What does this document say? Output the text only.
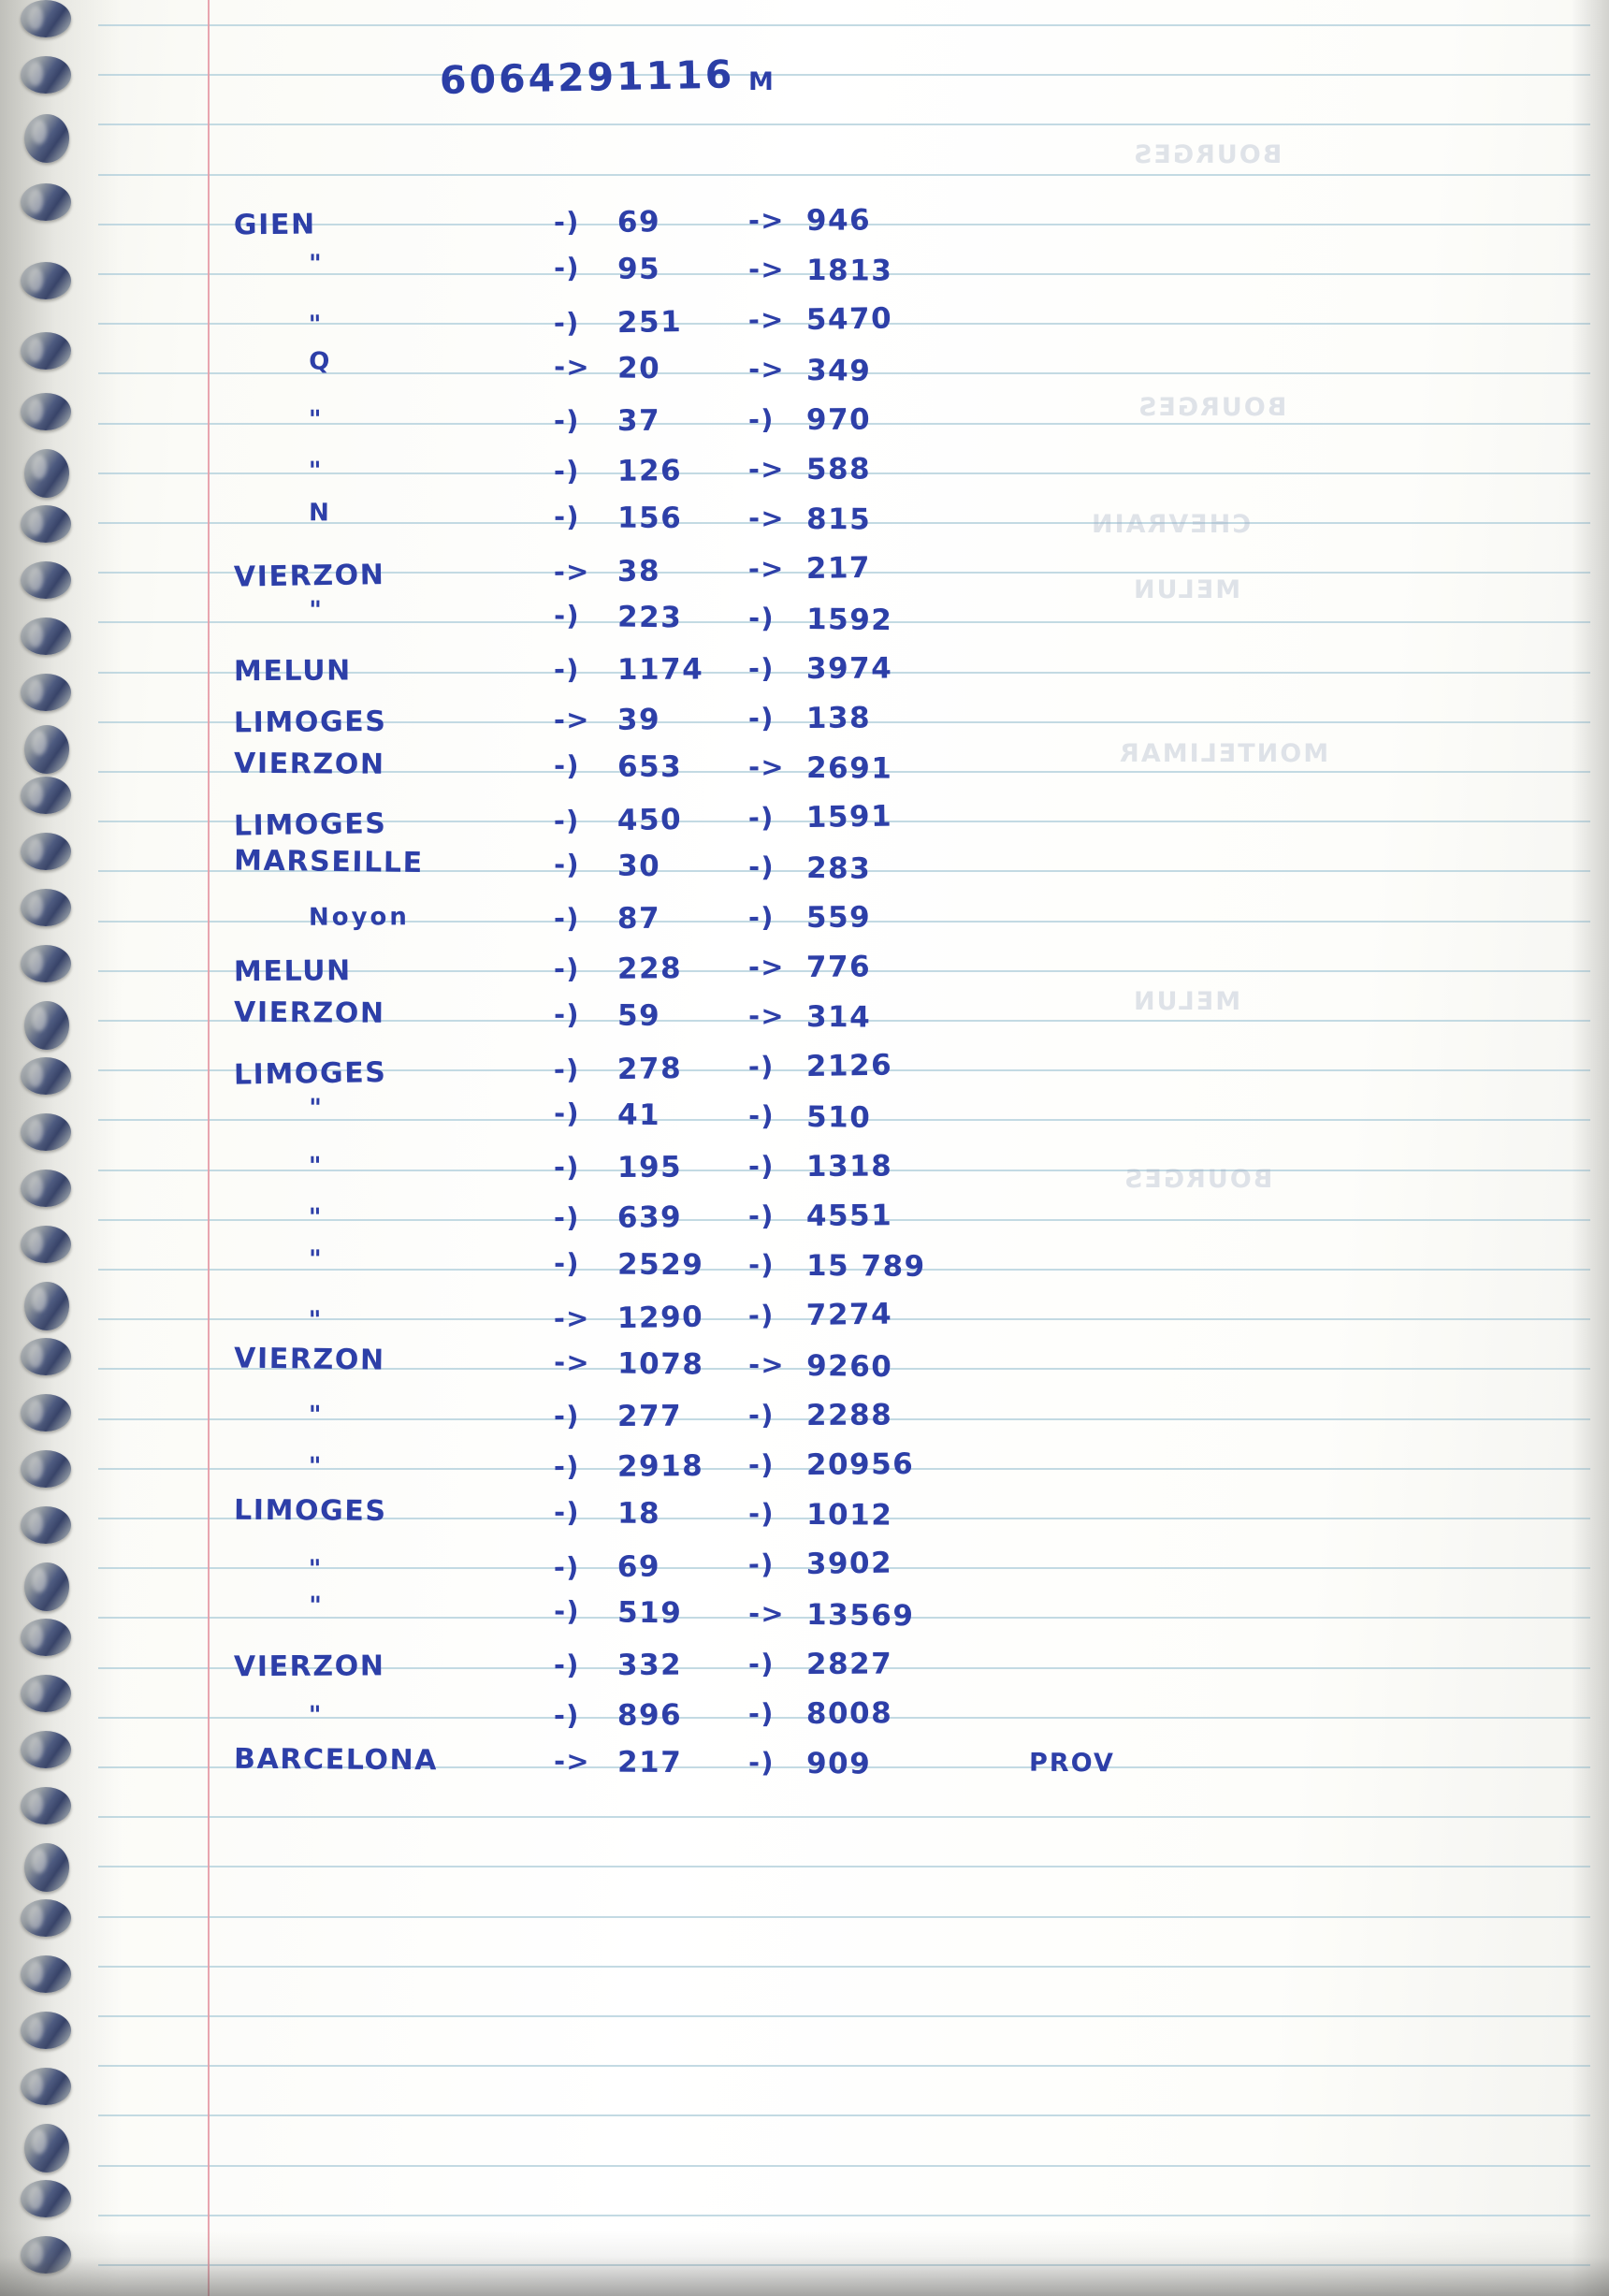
BOURGES
BOURGES
CHEVRAIN
MELUN
MONTELIMAR
MELUN
BOURGES
6064291116 M
GIEN	-) 69	-> 946
"	-) 95	-> 1813
"	-) 251 -> 5470
Q	-> 20	-> 349
"	-) 37	-) 970
"	-) 126 -> 588
N	-) 156 -> 815
VIERZON	-> 38	-> 217
"	-) 223 -) 1592
MELUN	-) 1174 -) 3974
LIMOGES	-> 39	-) 138
VIERZON	-) 653 -> 2691
LIMOGES	-) 450 -) 1591
MARSEILLE	-) 30	-) 283
Noyon	-) 87	-) 559
MELUN	-) 228 -> 776
VIERZON	-) 59	-> 314
LIMOGES	-) 278 -) 2126
"	-) 41	-) 510
"	-) 195 -) 1318
"	-) 639 -) 4551
"	-) 2529 -) 15 789
"	-> 1290 -) 7274
VIERZON	-> 1078 -> 9260
"	-) 277 -) 2288
"	-) 2918 -) 20956
LIMOGES	-) 18	-) 1012
"	-) 69	-) 3902
"	-) 519 -> 13569
VIERZON	-) 332 -) 2827
"	-) 896 -) 8008
BARCELONA	-> 217 -) 909	PROV
